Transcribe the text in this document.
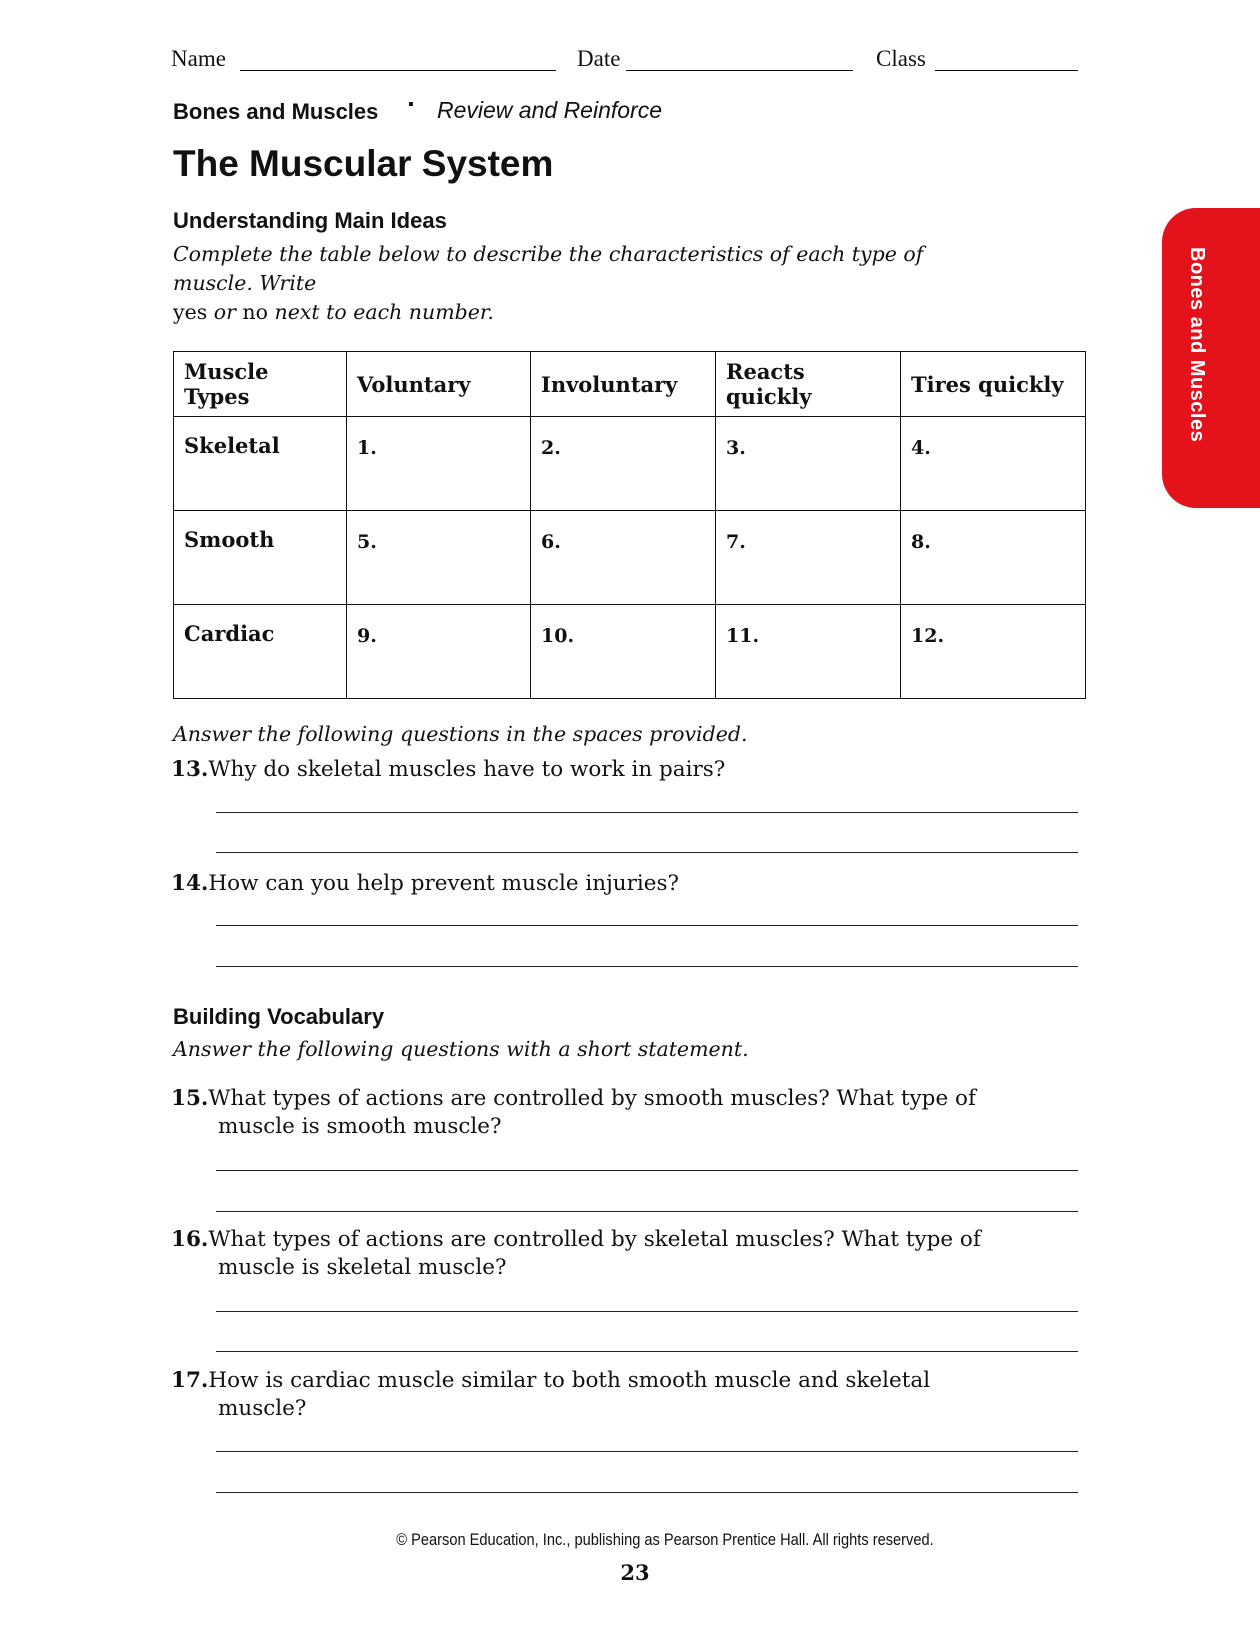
Name	Date	Class
Bones and Muscles ▪ Review and Reinforce
The Muscular System
Understanding Main Ideas
Complete the table below to describe the characteristics of each type of muscle. Write
yes or no next to each number.
Muscle Types	Voluntary	Involuntary	Reacts quickly	Tires quickly
Skeletal	1.	2.	3.	4.
Smooth	5.	6.	7.	8.
Cardiac	9.	10.	11.	12.
Answer the following questions in the spaces provided.
13.Why do skeletal muscles have to work in pairs?
14.How can you help prevent muscle injuries?
Building Vocabulary
Answer the following questions with a short statement.
15.What types of actions are controlled by smooth muscles? What type of
muscle is smooth muscle?
16.What types of actions are controlled by skeletal muscles? What type of
muscle is skeletal muscle?
17.How is cardiac muscle similar to both smooth muscle and skeletal
muscle?
Bones and Muscles
© Pearson Education, Inc., publishing as Pearson Prentice Hall. All rights reserved.
23
